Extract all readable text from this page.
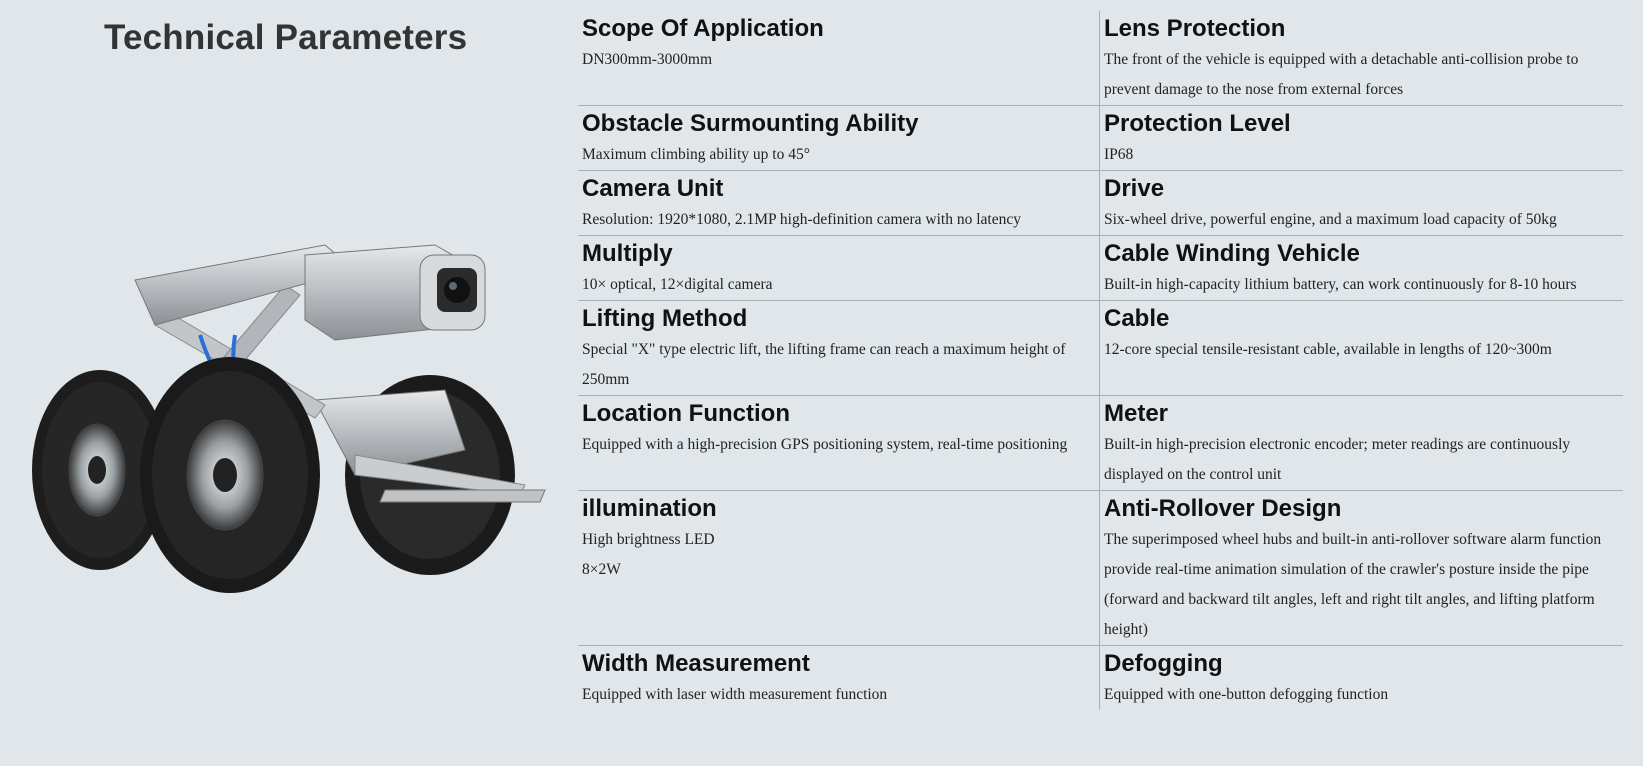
Technical Parameters	Scope Of Application

DN300mm-3000mm

Lens Protection

The front of the vehicle is equipped with a detachable anti-collision probe to prevent damage to the nose from external forces

Obstacle Surmounting Ability

Maximum climbing ability up to 45°

Protection Level

IP68

Camera Unit

Resolution: 1920*1080, 2.1MP high-definition camera with no latency

Drive

Six-wheel drive, powerful engine, and a maximum load capacity of 50kg

Multiply

10× optical, 12×digital camera

Cable Winding Vehicle

Built-in high-capacity lithium battery, can work continuously for 8-10 hours

Lifting Method

Special "X" type electric lift, the lifting frame can reach a maximum height of 250mm

Cable

12-core special tensile-resistant cable, available in lengths of 120~300m

Location Function

Equipped with a high-precision GPS positioning system, real-time positioning

Meter

Built-in high-precision electronic encoder; meter readings are continuously displayed on the control unit

illumination

High brightness LED

8×2W

Anti-Rollover Design

The superimposed wheel hubs and built-in anti-rollover software alarm function provide real-time animation simulation of the crawler's posture inside the pipe (forward and backward tilt angles, left and right tilt angles, and lifting platform height)

Width Measurement

Equipped with laser width measurement function

Defogging

Equipped with one-button defogging function
